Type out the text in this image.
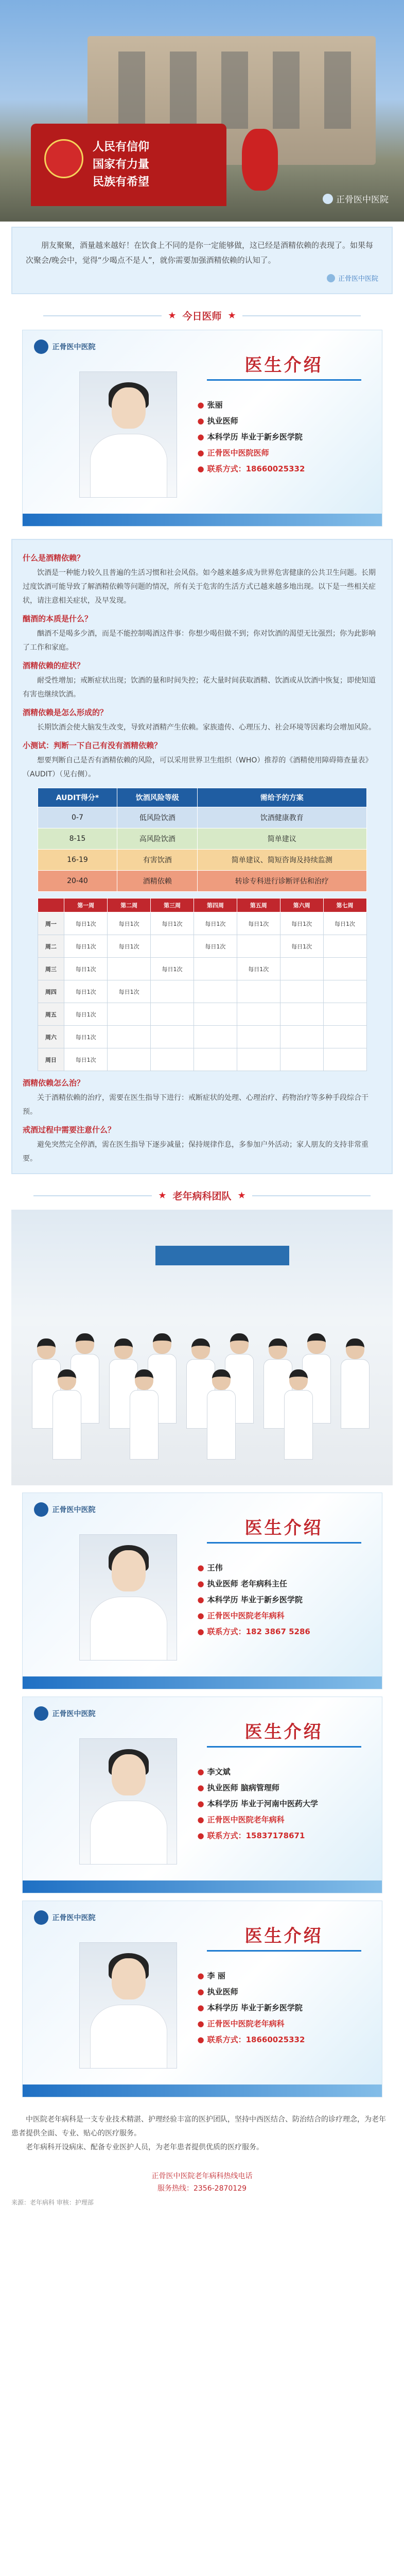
人民有信仰
国家有力量
民族有希望
正骨医中医院

朋友聚聚，酒量越来越好！在饮食上不同的是你一定能够做，这已经是酒精依赖的表现了。如果每次聚会/晚会中，觉得“少喝点不是人”，就你需要加强酒精依赖的认知了。

正骨医中医院
★ 今日医师 ★
正骨医中医院
医生介绍
● 张丽
● 执业医师
● 本科学历 毕业于新乡医学院
● 正骨医中医院医师
● 联系方式：18660025332
什么是酒精依赖？

饮酒是一种能力较久且普遍的生活习惯和社会风俗。如今越来越多成为世界危害健康的公共卫生问题。长期过度饮酒可能导致了解酒精依赖等问题的情况，所有关于危害的生活方式已越来越多地出现。以下是一些相关症状，请注意相关症状，及早发现。

酗酒的本质是什么？

酗酒不是喝多少酒，而是不能控制喝酒这件事：你想少喝但做不到；你对饮酒的渴望无比强烈；你为此影响了工作和家庭。

酒精依赖的症状？

耐受性增加；戒断症状出现；饮酒的量和时间失控；花大量时间获取酒精、饮酒或从饮酒中恢复；即使知道有害也继续饮酒。

酒精依赖是怎么形成的？

长期饮酒会使大脑发生改变，导致对酒精产生依赖。家族遗传、心理压力、社会环境等因素均会增加风险。

小测试：判断一下自己有没有酒精依赖？

想要判断自己是否有酒精依赖的风险，可以采用世界卫生组织（WHO）推荐的《酒精使用障碍筛查量表》（AUDIT）（见右侧）。

AUDIT得分*	饮酒风险等级	需给予的方案
0-7	低风险饮酒	饮酒健康教育
8-15	高风险饮酒	简单建议
16-19	有害饮酒	简单建议、简短咨询及持续监测
20-40	酒精依赖	转诊专科进行诊断评估和治疗
	第一周	第二周	第三周	第四周	第五周	第六周	第七周
周一	每日1次	每日1次	每日1次	每日1次	每日1次	每日1次	每日1次
周二	每日1次	每日1次		每日1次		每日1次	
周三	每日1次		每日1次		每日1次		
周四	每日1次	每日1次					
周五	每日1次						
周六	每日1次						
周日	每日1次						
酒精依赖怎么治？

关于酒精依赖的治疗，需要在医生指导下进行：戒断症状的处理、心理治疗、药物治疗等多种手段综合干预。

戒酒过程中需要注意什么？

避免突然完全停酒，需在医生指导下逐步减量；保持规律作息，多参加户外活动；家人朋友的支持非常重要。

★ 老年病科团队 ★
正骨医中医院
医生介绍
● 王伟
● 执业医师 老年病科主任
● 本科学历 毕业于新乡医学院
● 正骨医中医院老年病科
● 联系方式：182 3867 5286
正骨医中医院
医生介绍
● 李文斌
● 执业医师 脑病管理师
● 本科学历 毕业于河南中医药大学
● 正骨医中医院老年病科
● 联系方式：15837178671
正骨医中医院
医生介绍
● 李 丽
● 执业医师
● 本科学历 毕业于新乡医学院
● 正骨医中医院老年病科
● 联系方式：18660025332

中医院老年病科是一支专业技术精湛、护理经验丰富的医护团队，坚持中西医结合、防治结合的诊疗理念，为老年患者提供全面、专业、贴心的医疗服务。

老年病科开设病床、配备专业医护人员，为老年患者提供优质的医疗服务。

正骨医中医院老年病科热线电话
服务热线：2356-2870129
来源：老年病科 审核：护理部
